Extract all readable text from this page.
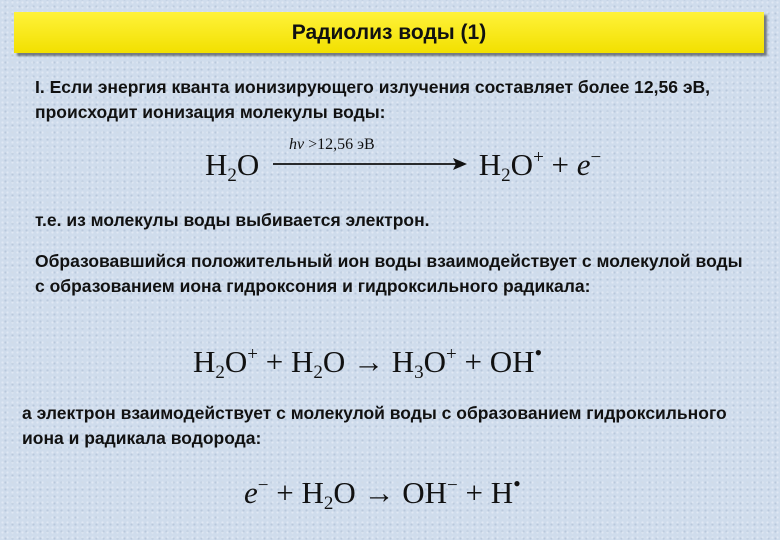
Радиолиз воды (1)

I. Если энергия кванта ионизирующего излучения составляет более 12,56 эВ, происходит ионизация молекулы воды:

$H_2O$
hν >12,56 эВ
$H_2O^+ + e^-$

т.е. из молекулы воды выбивается электрон.

Образовавшийся положительный ион воды взаимодействует с молекулой воды с образованием иона гидроксония и гидроксильного радикала:

$H_2O^+ + H_2O \to H_3O^+ + OH^•$

а электрон взаимодействует с молекулой воды с образованием гидроксильного иона и радикала водорода:

$e^- + H_2O \to OH^- + H^•$
